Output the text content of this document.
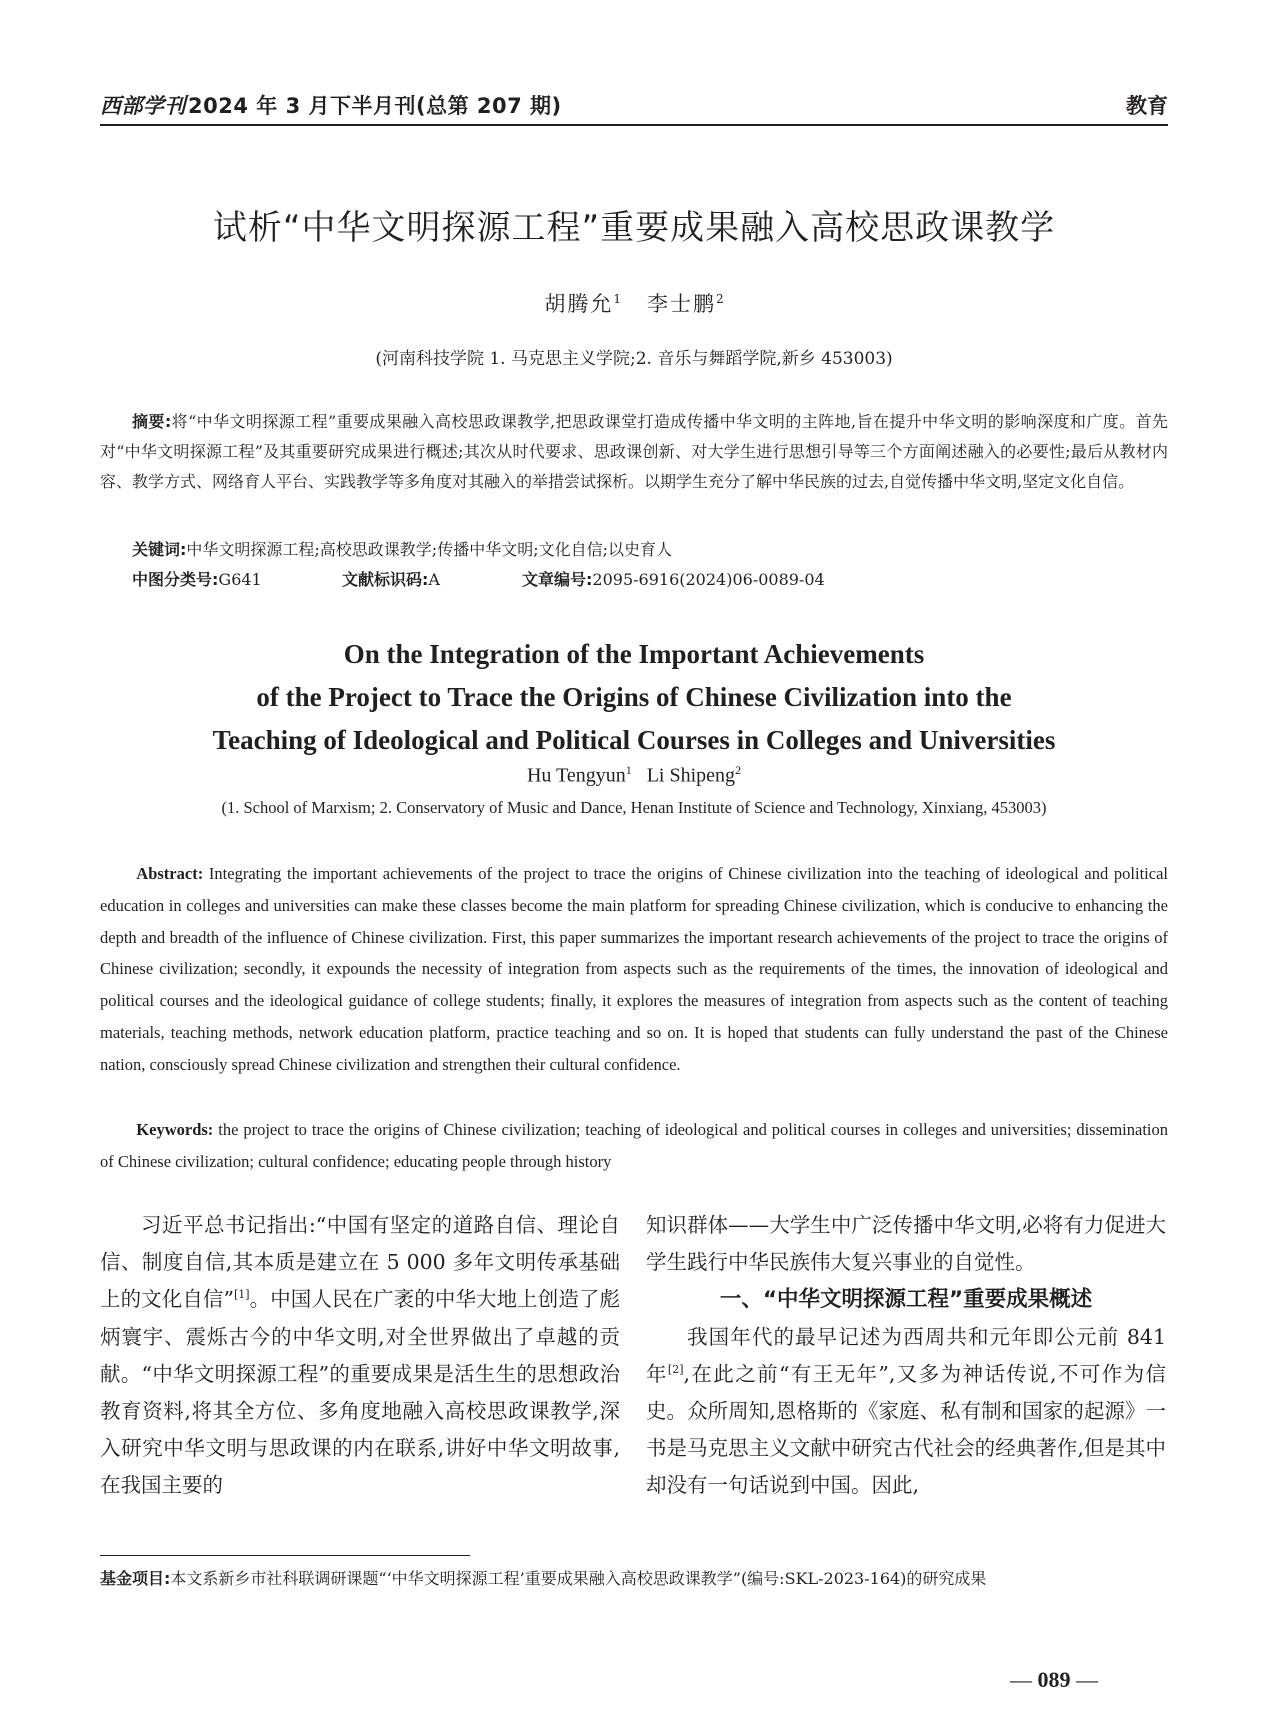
西部学刊2024 年 3 月下半月刊(总第 207 期)	教育
试析“中华文明探源工程”重要成果融入高校思政课教学
胡腾允$^1$ 李士鹏$^2$
(河南科技学院 1. 马克思主义学院;2. 音乐与舞蹈学院,新乡 453003)
摘要:将“中华文明探源工程”重要成果融入高校思政课教学,把思政课堂打造成传播中华文明的主阵地,旨在提升中华文明的影响深度和广度。首先对“中华文明探源工程”及其重要研究成果进行概述;其次从时代要求、思政课创新、对大学生进行思想引导等三个方面阐述融入的必要性;最后从教材内容、教学方式、网络育人平台、实践教学等多角度对其融入的举措尝试探析。以期学生充分了解中华民族的过去,自觉传播中华文明,坚定文化自信。
关键词:中华文明探源工程;高校思政课教学;传播中华文明;文化自信;以史育人
中图分类号:G641	文献标识码:A	文章编号:2095-6916(2024)06-0089-04
On the Integration of the Important Achievements
of the Project to Trace the Origins of Chinese Civilization into the
Teaching of Ideological and Political Courses in Colleges and Universities
Hu Tengyun$^1$ Li Shipeng$^2$
(1. School of Marxism; 2. Conservatory of Music and Dance, Henan Institute of Science and Technology, Xinxiang, 453003)
Abstract: Integrating the important achievements of the project to trace the origins of Chinese civilization into the teaching of ideological and political education in colleges and universities can make these classes become the main platform for spreading Chinese civilization, which is conducive to enhancing the depth and breadth of the influence of Chinese civilization. First, this paper summarizes the important research achievements of the project to trace the origins of Chinese civilization; secondly, it expounds the necessity of integration from aspects such as the requirements of the times, the innovation of ideological and political courses and the ideological guidance of college students; finally, it explores the measures of integration from aspects such as the content of teaching materials, teaching methods, network education platform, practice teaching and so on. It is hoped that students can fully understand the past of the Chinese nation, consciously spread Chinese civilization and strengthen their cultural confidence.
Keywords: the project to trace the origins of Chinese civilization; teaching of ideological and political courses in colleges and universities; dissemination of Chinese civilization; cultural confidence; educating people through history

习近平总书记指出:“中国有坚定的道路自信、理论自信、制度自信,其本质是建立在 5 000 多年文明传承基础上的文化自信”[1]。中国人民在广袤的中华大地上创造了彪炳寰宇、震烁古今的中华文明,对全世界做出了卓越的贡献。“中华文明探源工程”的重要成果是活生生的思想政治教育资料,将其全方位、多角度地融入高校思政课教学,深入研究中华文明与思政课的内在联系,讲好中华文明故事,在我国主要的

知识群体——大学生中广泛传播中华文明,必将有力促进大学生践行中华民族伟大复兴事业的自觉性。

一、“中华文明探源工程”重要成果概述

我国年代的最早记述为西周共和元年即公元前 841 年[2],在此之前“有王无年”,又多为神话传说,不可作为信史。众所周知,恩格斯的《家庭、私有制和国家的起源》一书是马克思主义文献中研究古代社会的经典著作,但是其中却没有一句话说到中国。因此,

基金项目:本文系新乡市社科联调研课题“‘中华文明探源工程’重要成果融入高校思政课教学”(编号:SKL-2023-164)的研究成果
— 089 —
